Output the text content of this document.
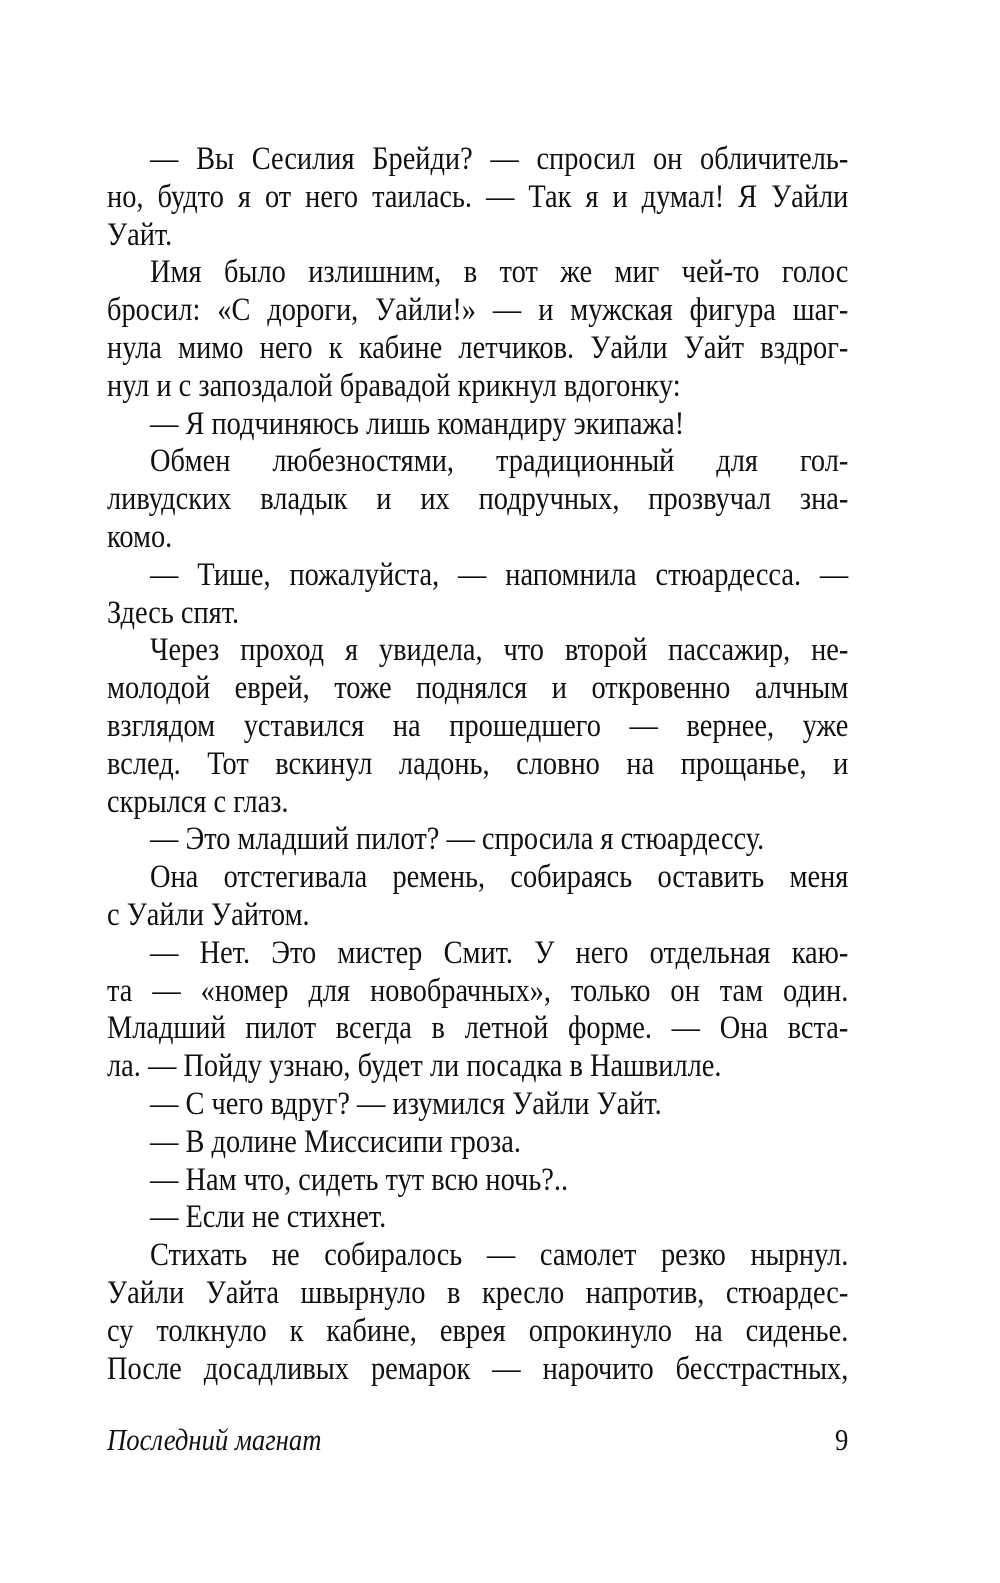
— Вы Сесилия Брейди? — спросил он обличитель-
но, будто я от него таилась. — Так я и думал! Я Уайли
Уайт.
Имя было излишним, в тот же миг чей-то голос
бросил: «С дороги, Уайли!» — и мужская фигура шаг-
нула мимо него к кабине летчиков. Уайли Уайт вздрог-
нул и с запоздалой бравадой крикнул вдогонку:
— Я подчиняюсь лишь командиру экипажа!
Обмен любезностями, традиционный для гол-
ливудских владык и их подручных, прозвучал зна-
комо.
— Тише, пожалуйста, — напомнила стюардесса. —
Здесь спят.
Через проход я увидела, что второй пассажир, не-
молодой еврей, тоже поднялся и откровенно алчным
взглядом уставился на прошедшего — вернее, уже
вслед. Тот вскинул ладонь, словно на прощанье, и
скрылся с глаз.
— Это младший пилот? — спросила я стюардессу.
Она отстегивала ремень, собираясь оставить меня
с Уайли Уайтом.
— Нет. Это мистер Смит. У него отдельная каю-
та — «номер для новобрачных», только он там один.
Младший пилот всегда в летной форме. — Она вста-
ла. — Пойду узнаю, будет ли посадка в Нашвилле.
— С чего вдруг? — изумился Уайли Уайт.
— В долине Миссисипи гроза.
— Нам что, сидеть тут всю ночь?..
— Если не стихнет.
Стихать не собиралось — самолет резко нырнул.
Уайли Уайта швырнуло в кресло напротив, стюардес-
су толкнуло к кабине, еврея опрокинуло на сиденье.
После досадливых ремарок — нарочито бесстрастных,
Последний магнат	9
